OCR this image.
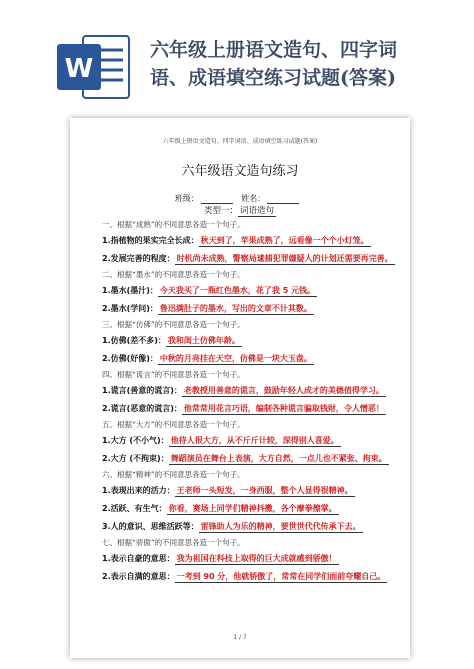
W
六年级上册语文造句、四字词
语、成语填空练习试题(答案)
六年级上册语文造句、四字词语、成语填空练习试题(答案)
六年级语文造句练习
班级：	姓名：
类型一： 词语造句
一、根据“成熟”的不同意思各造一个句子。
1.指植物的果实完全长成： 秋天到了，苹果成熟了，远看像一个个小灯笼。
2.发展完善的程度： 时机尚未成熟，警察局逮捕犯罪嫌疑人的计划还需要再完善。
二、根据“墨水”的不同意思各造一个句子。
1.墨水(墨汁)： 今天我买了一瓶红色墨水，花了我 5 元钱。
2.墨水(学问)： 鲁迅满肚子的墨水，写出的文章不计其数。
三、根据“仿佛”的不同意思各造一个句子。
1.仿佛(差不多)： 我和闺土仿佛年龄。
2.仿佛(好像)： 中秋的月亮挂在天空，仿佛是一块大玉盘。
四、根据“谎言”的不同意思各造一个句子。
1.谎言(善意的谎言)： 老教授用善意的谎言，鼓励年轻人成才的美德值得学习。
2.谎言(恶意的谎言)： 他常常用花言巧语，编制各种谎言骗取钱财，令人憎恶！
五、根据“大方”的不同意思各造一个句子。
1.大方 (不小气)： 他待人很大方，从不斤斤计较，深得别人喜爱。
2.大方 (不拘束)： 舞蹈演员在舞台上表演，大方自然，一点儿也不紧张、拘束。
六、根据“精神”的不同意思各造一个句子。
1.表现出来的活力： 王老师一头短发，一身西服，整个人显得很精神。
2.活跃、有生气： 你看，赛场上同学们精神抖擞，各个摩拳擦掌。
3.人的意识、思维活跃等： 雷锋助人为乐的精神，要世世代代传承下去。
七、根据“骄傲”的不同意思各造一个句子。
1.表示自豪的意思： 我为祖国在科技上取得的巨大成就感到骄傲！
2.表示自满的意思： 一考到 90 分，他就骄傲了，常常在同学们面前夸耀自己。
1 / 7
